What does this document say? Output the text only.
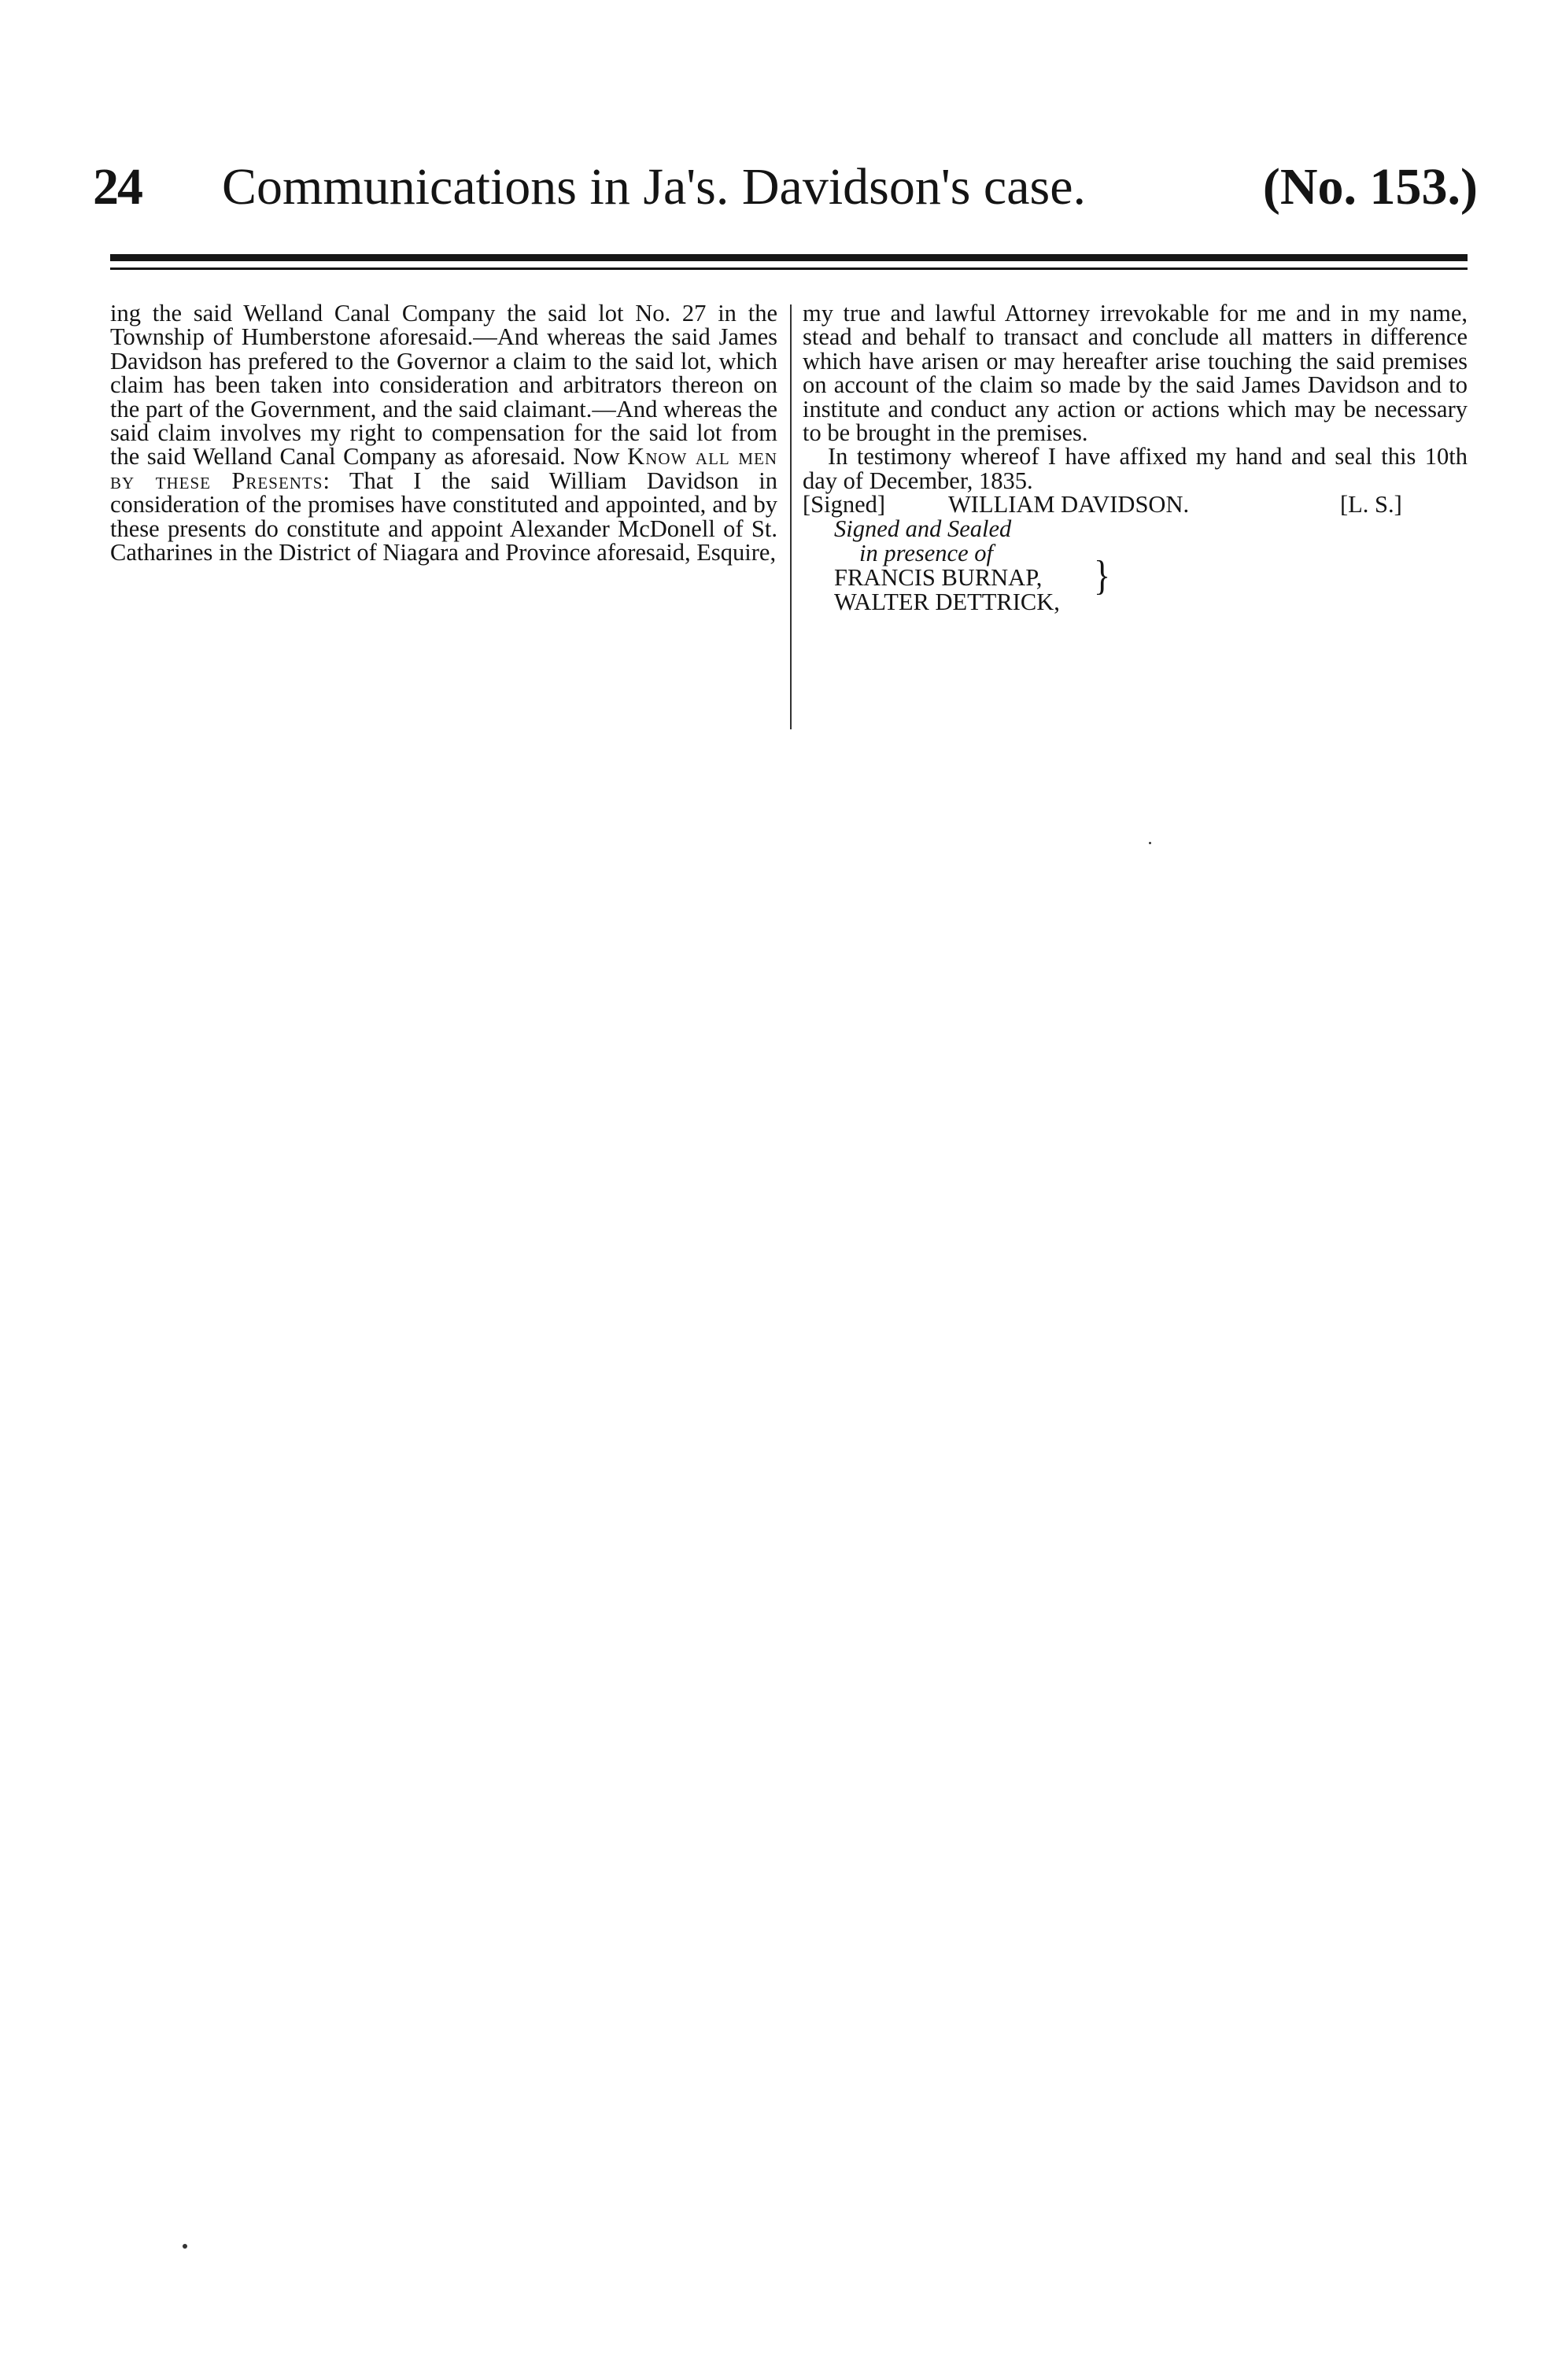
24 Communications in Ja's. Davidson's case.	(No. 153.)

ing the said Welland Canal Company the said lot No. 27 in the Township of Humberstone aforesaid.—And whereas the said James Davidson has prefered to the Governor a claim to the said lot, which claim has been taken into consideration and arbitrators thereon on the part of the Government, and the said claimant.—And whereas the said claim involves my right to compensation for the said lot from the said Welland Canal Company as aforesaid. Now Know all men by these Presents: That I the said William Davidson in consideration of the promises have constituted and appointed, and by these presents do constitute and appoint Alexander McDonell of St. Catharines in the District of Niagara and Province aforesaid, Esquire,

my true and lawful Attorney irrevokable for me and in my name, stead and behalf to transact and conclude all matters in difference which have arisen or may hereafter arise touching the said premises on account of the claim so made by the said James Davidson and to institute and conduct any action or actions which may be necessary to be brought in the premises.

In testimony whereof I have affixed my hand and seal this 10th day of December, 1835.

[Signed]	WILLIAM DAVIDSON.	[L. S.]
Signed and Sealed
in presence of
FRANCIS BURNAP, }
WALTER DETTRICK,
